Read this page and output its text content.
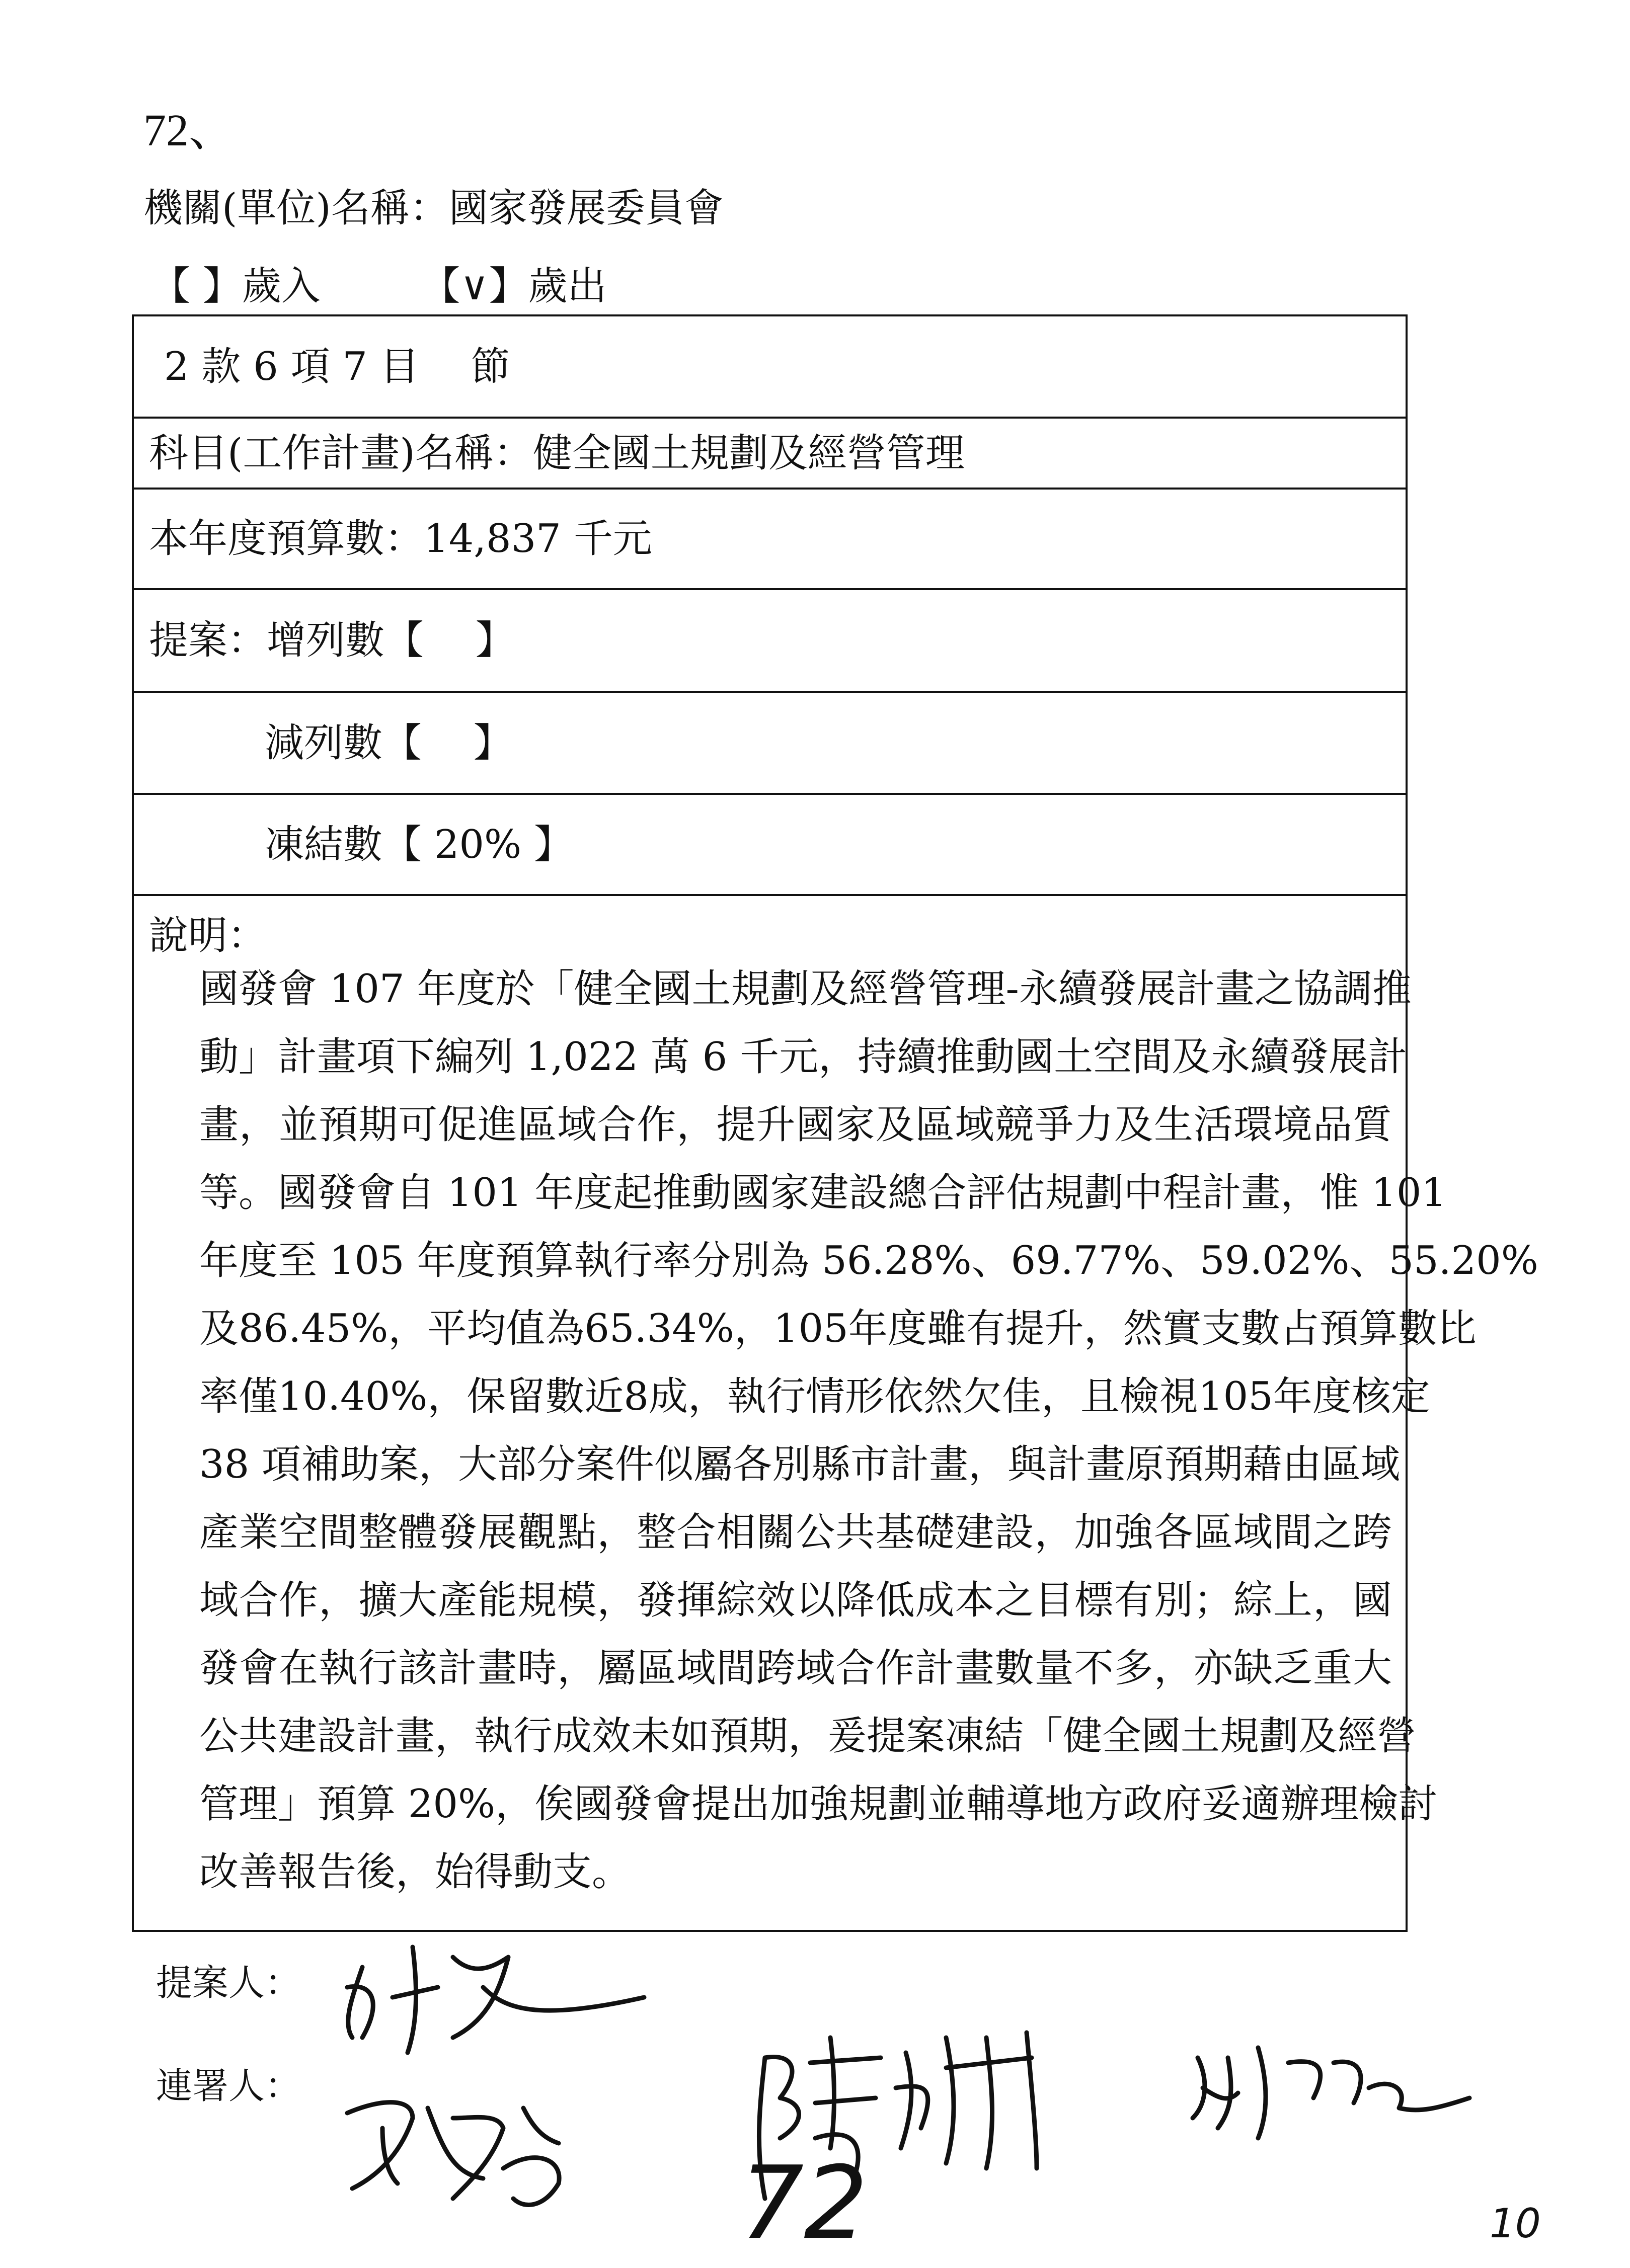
72、
機關(單位)名稱：國家發展委員會
【 】歲入	【∨】歲出
2 款 6 項 7 目　 節
科目(工作計畫)名稱：健全國土規劃及經營管理
本年度預算數：14,837 千元
提案：增列數【　 】
減列數【　 】
凍結數【 20% 】
說明：
國發會 107 年度於「健全國土規劃及經營管理-永續發展計畫之協調推
動」計畫項下編列 1,022 萬 6 千元，持續推動國土空間及永續發展計
畫，並預期可促進區域合作，提升國家及區域競爭力及生活環境品質
等。國發會自 101 年度起推動國家建設總合評估規劃中程計畫，惟 101
年度至 105 年度預算執行率分別為 56.28%、69.77%、59.02%、55.20%
及86.45%，平均值為65.34%，105年度雖有提升，然實支數占預算數比
率僅10.40%，保留數近8成，執行情形依然欠佳，且檢視105年度核定
38 項補助案，大部分案件似屬各別縣市計畫，與計畫原預期藉由區域
產業空間整體發展觀點，整合相關公共基礎建設，加強各區域間之跨
域合作，擴大產能規模，發揮綜效以降低成本之目標有別；綜上，國
發會在執行該計畫時，屬區域間跨域合作計畫數量不多，亦缺乏重大
公共建設計畫，執行成效未如預期，爰提案凍結「健全國土規劃及經營
管理」預算 20%，俟國發會提出加強規劃並輔導地方政府妥適辦理檢討
改善報告後，始得動支。
提案人：
連署人：
72	10
